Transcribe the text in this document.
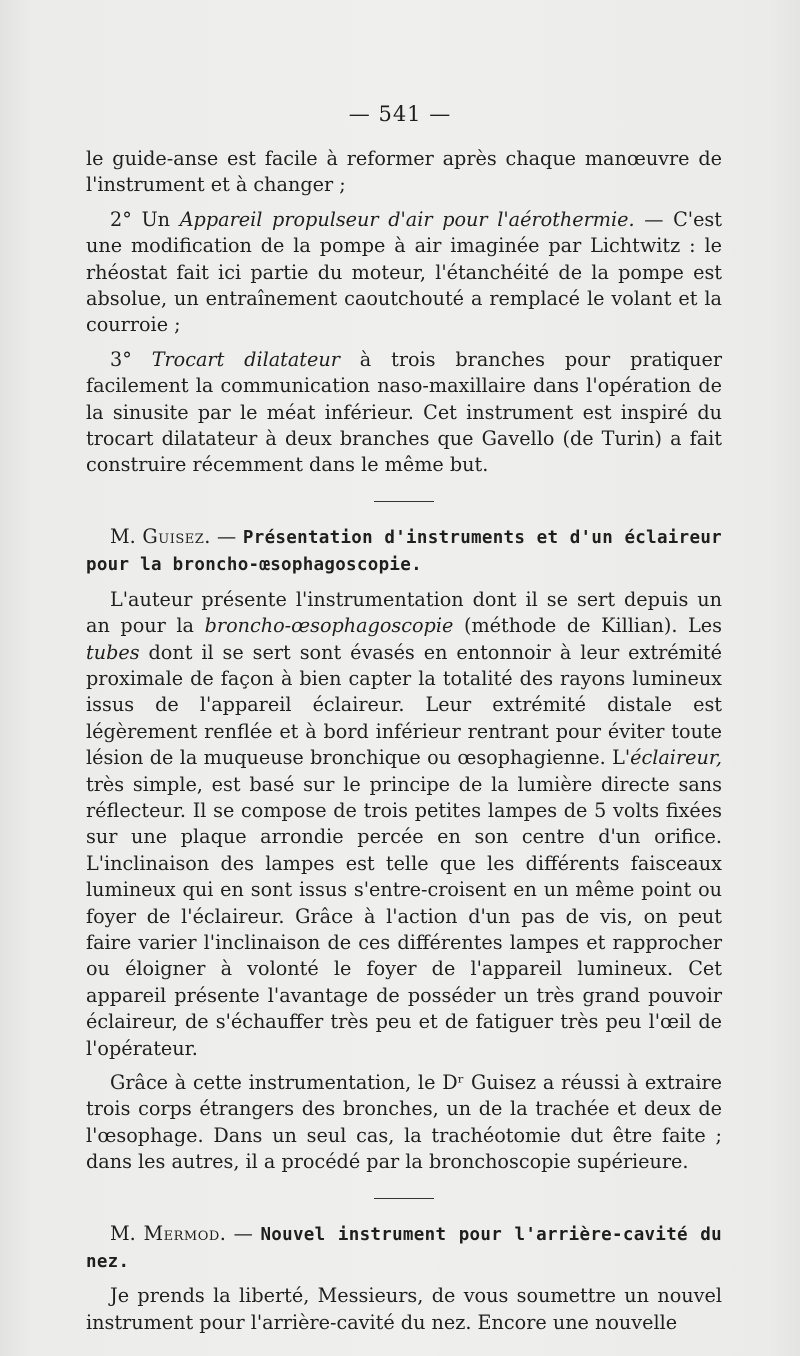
— 541 —

le guide-anse est facile à reformer après chaque manœuvre de l'instrument et à changer ;

2° Un Appareil propulseur d'air pour l'aérothermie. — C'est une modification de la pompe à air imaginée par Lichtwitz : le rhéostat fait ici partie du moteur, l'étanchéité de la pompe est absolue, un entraînement caoutchouté a remplacé le volant et la courroie ;

3° Trocart dilatateur à trois branches pour pratiquer facilement la communication naso-maxillaire dans l'opération de la sinusite par le méat inférieur. Cet instrument est inspiré du trocart dilatateur à deux branches que Gavello (de Turin) a fait construire récemment dans le même but.

M. Guisez. — Présentation d'instruments et d'un éclaireur pour la broncho-œsophagoscopie.

L'auteur présente l'instrumentation dont il se sert depuis un an pour la broncho-œsophagoscopie (méthode de Killian). Les tubes dont il se sert sont évasés en entonnoir à leur extrémité proximale de façon à bien capter la totalité des rayons lumineux issus de l'appareil éclaireur. Leur extrémité distale est légèrement renflée et à bord inférieur rentrant pour éviter toute lésion de la muqueuse bronchique ou œsophagienne. L'éclaireur, très simple, est basé sur le principe de la lumière directe sans réflecteur. Il se compose de trois petites lampes de 5 volts fixées sur une plaque arrondie percée en son centre d'un orifice. L'inclinaison des lampes est telle que les différents faisceaux lumineux qui en sont issus s'entre-croisent en un même point ou foyer de l'éclaireur. Grâce à l'action d'un pas de vis, on peut faire varier l'inclinaison de ces différentes lampes et rapprocher ou éloigner à volonté le foyer de l'appareil lumineux. Cet appareil présente l'avantage de posséder un très grand pouvoir éclaireur, de s'échauffer très peu et de fatiguer très peu l'œil de l'opérateur.

Grâce à cette instrumentation, le Dʳ Guisez a réussi à extraire trois corps étrangers des bronches, un de la trachée et deux de l'œsophage. Dans un seul cas, la trachéotomie dut être faite ; dans les autres, il a procédé par la bronchoscopie supérieure.

M. Mermod. — Nouvel instrument pour l'arrière-cavité du nez.

Je prends la liberté, Messieurs, de vous soumettre un nouvel instrument pour l'arrière-cavité du nez. Encore une nouvelle
